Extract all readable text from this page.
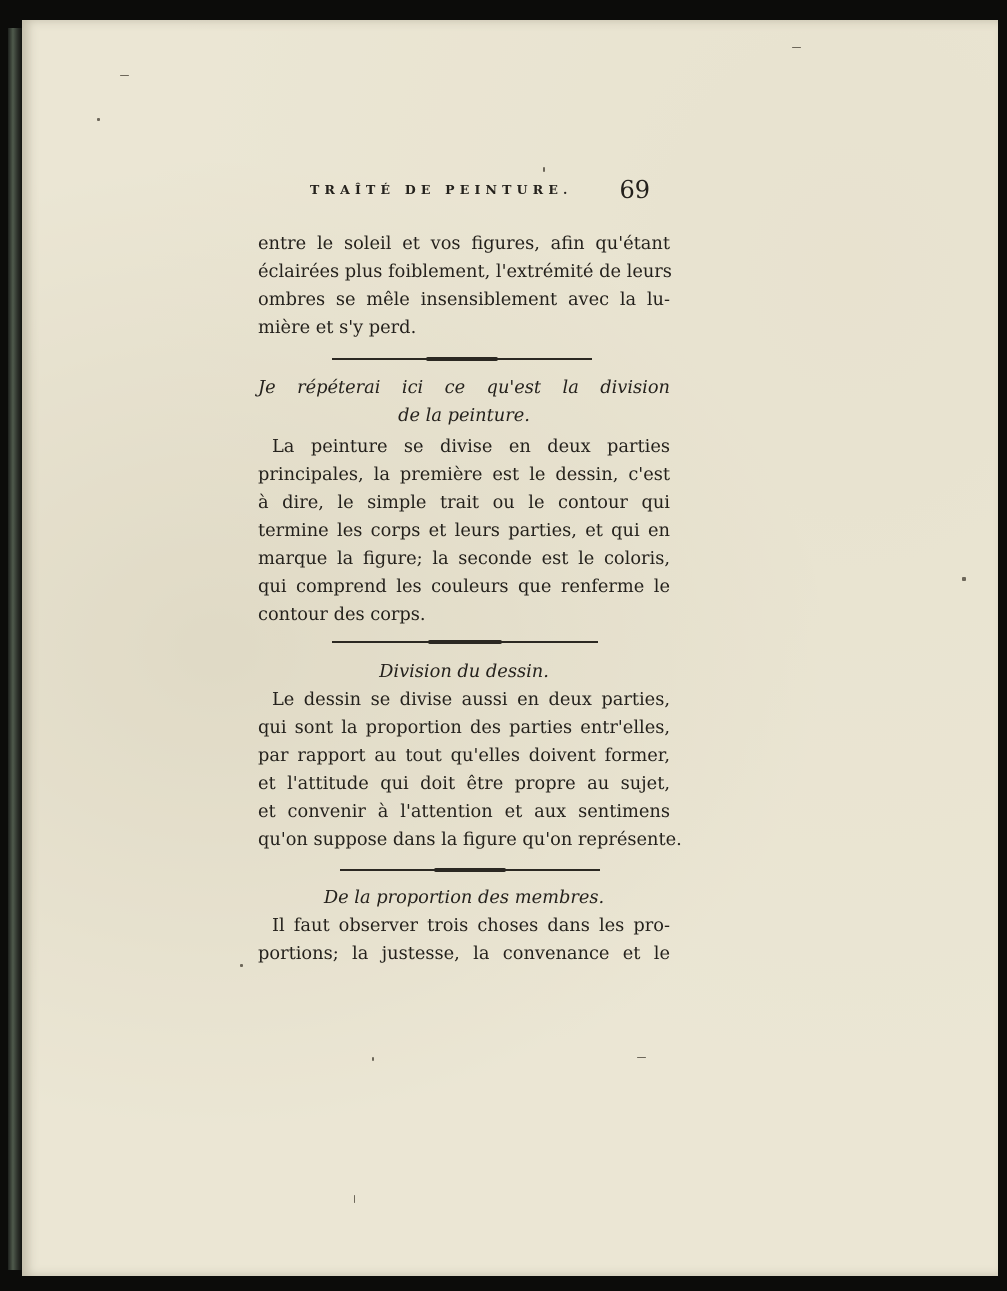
TRAÎTÉ DE PEINTURE. 69
entre le soleil et vos figures, afin qu'étant
éclairées plus foiblement, l'extrémité de leurs
ombres se mêle insensiblement avec la lu-
mière et s'y perd.
Je répéterai ici ce qu'est la division
de la peinture.
La peinture se divise en deux parties
principales, la première est le dessin, c'est
à dire, le simple trait ou le contour qui
termine les corps et leurs parties, et qui en
marque la figure; la seconde est le coloris,
qui comprend les couleurs que renferme le
contour des corps.
Division du dessin.
Le dessin se divise aussi en deux parties,
qui sont la proportion des parties entr'elles,
par rapport au tout qu'elles doivent former,
et l'attitude qui doit être propre au sujet,
et convenir à l'attention et aux sentimens
qu'on suppose dans la figure qu'on représente.
De la proportion des membres.
Il faut observer trois choses dans les pro-
portions; la justesse, la convenance et le
